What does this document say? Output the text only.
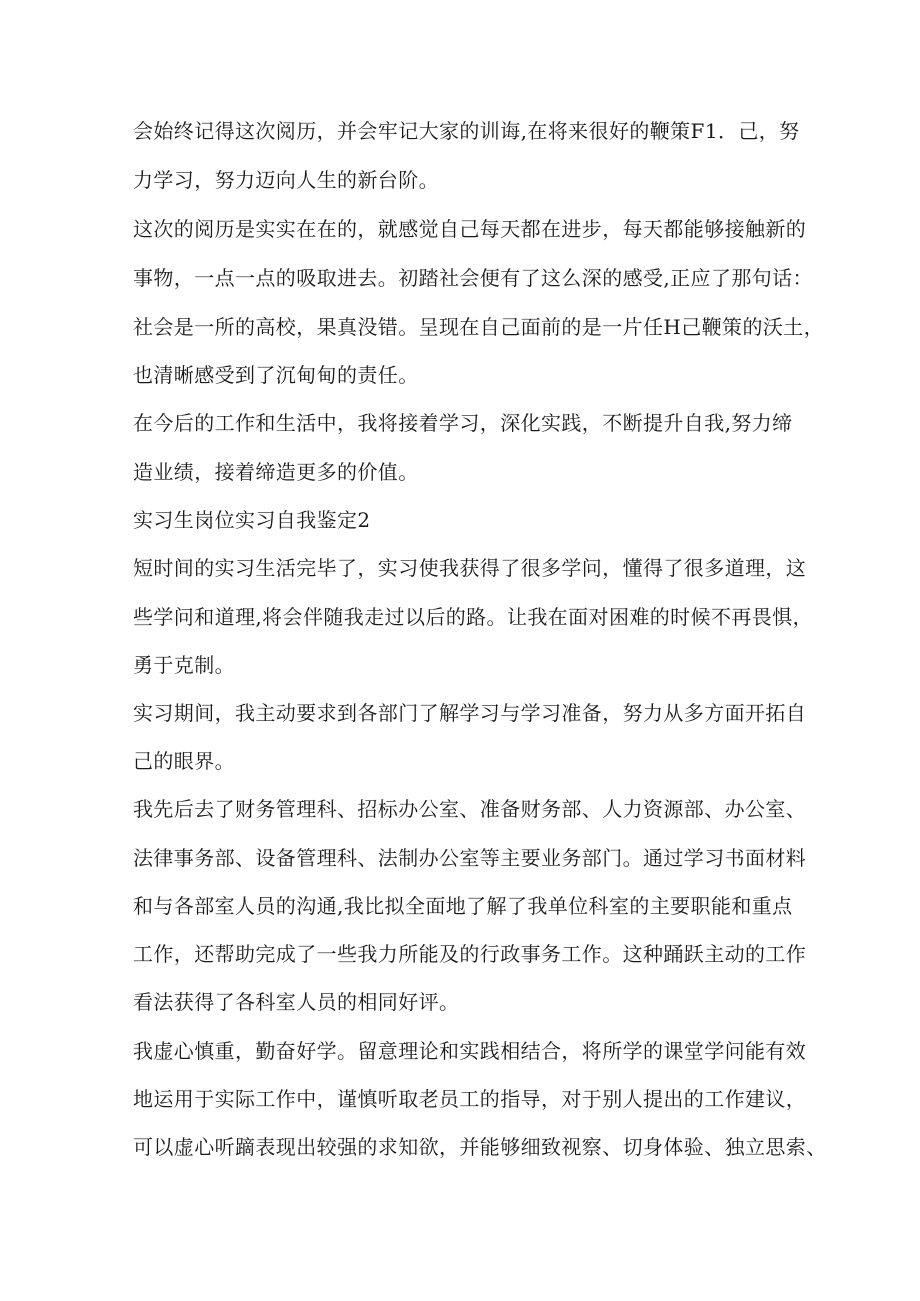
会始终记得这次阅历，并会牢记大家的训诲,在将来很好的鞭策F1．己，努
力学习，努力迈向人生的新台阶。
这次的阅历是实实在在的，就感觉自己每天都在进步，每天都能够接触新的
事物，一点一点的吸取进去。初踏社会便有了这么深的感受,正应了那句话：
社会是一所的高校，果真没错。呈现在自己面前的是一片任H己鞭策的沃土，
也清晰感受到了沉甸甸的责任。
在今后的工作和生活中，我将接着学习，深化实践，不断提升自我,努力缔
造业绩，接着缔造更多的价值。
实习生岗位实习自我鉴定2
短时间的实习生活完毕了，实习使我获得了很多学问，懂得了很多道理，这
些学问和道理,将会伴随我走过以后的路。让我在面对困难的时候不再畏惧，
勇于克制。
实习期间，我主动要求到各部门了解学习与学习准备，努力从多方面开拓自
己的眼界。
我先后去了财务管理科、招标办公室、准备财务部、人力资源部、办公室、
法律事务部、设备管理科、法制办公室等主要业务部门。通过学习书面材料
和与各部室人员的沟通,我比拟全面地了解了我单位科室的主要职能和重点
工作，还帮助完成了一些我力所能及的行政事务工作。这种踊跃主动的工作
看法获得了各科室人员的相同好评。
我虚心慎重，勤奋好学。留意理论和实践相结合，将所学的课堂学问能有效
地运用于实际工作中，谨慎听取老员工的指导，对于别人提出的工作建议，
可以虚心听蹢表现出较强的求知欲，并能够细致视察、切身体验、独立思索、
